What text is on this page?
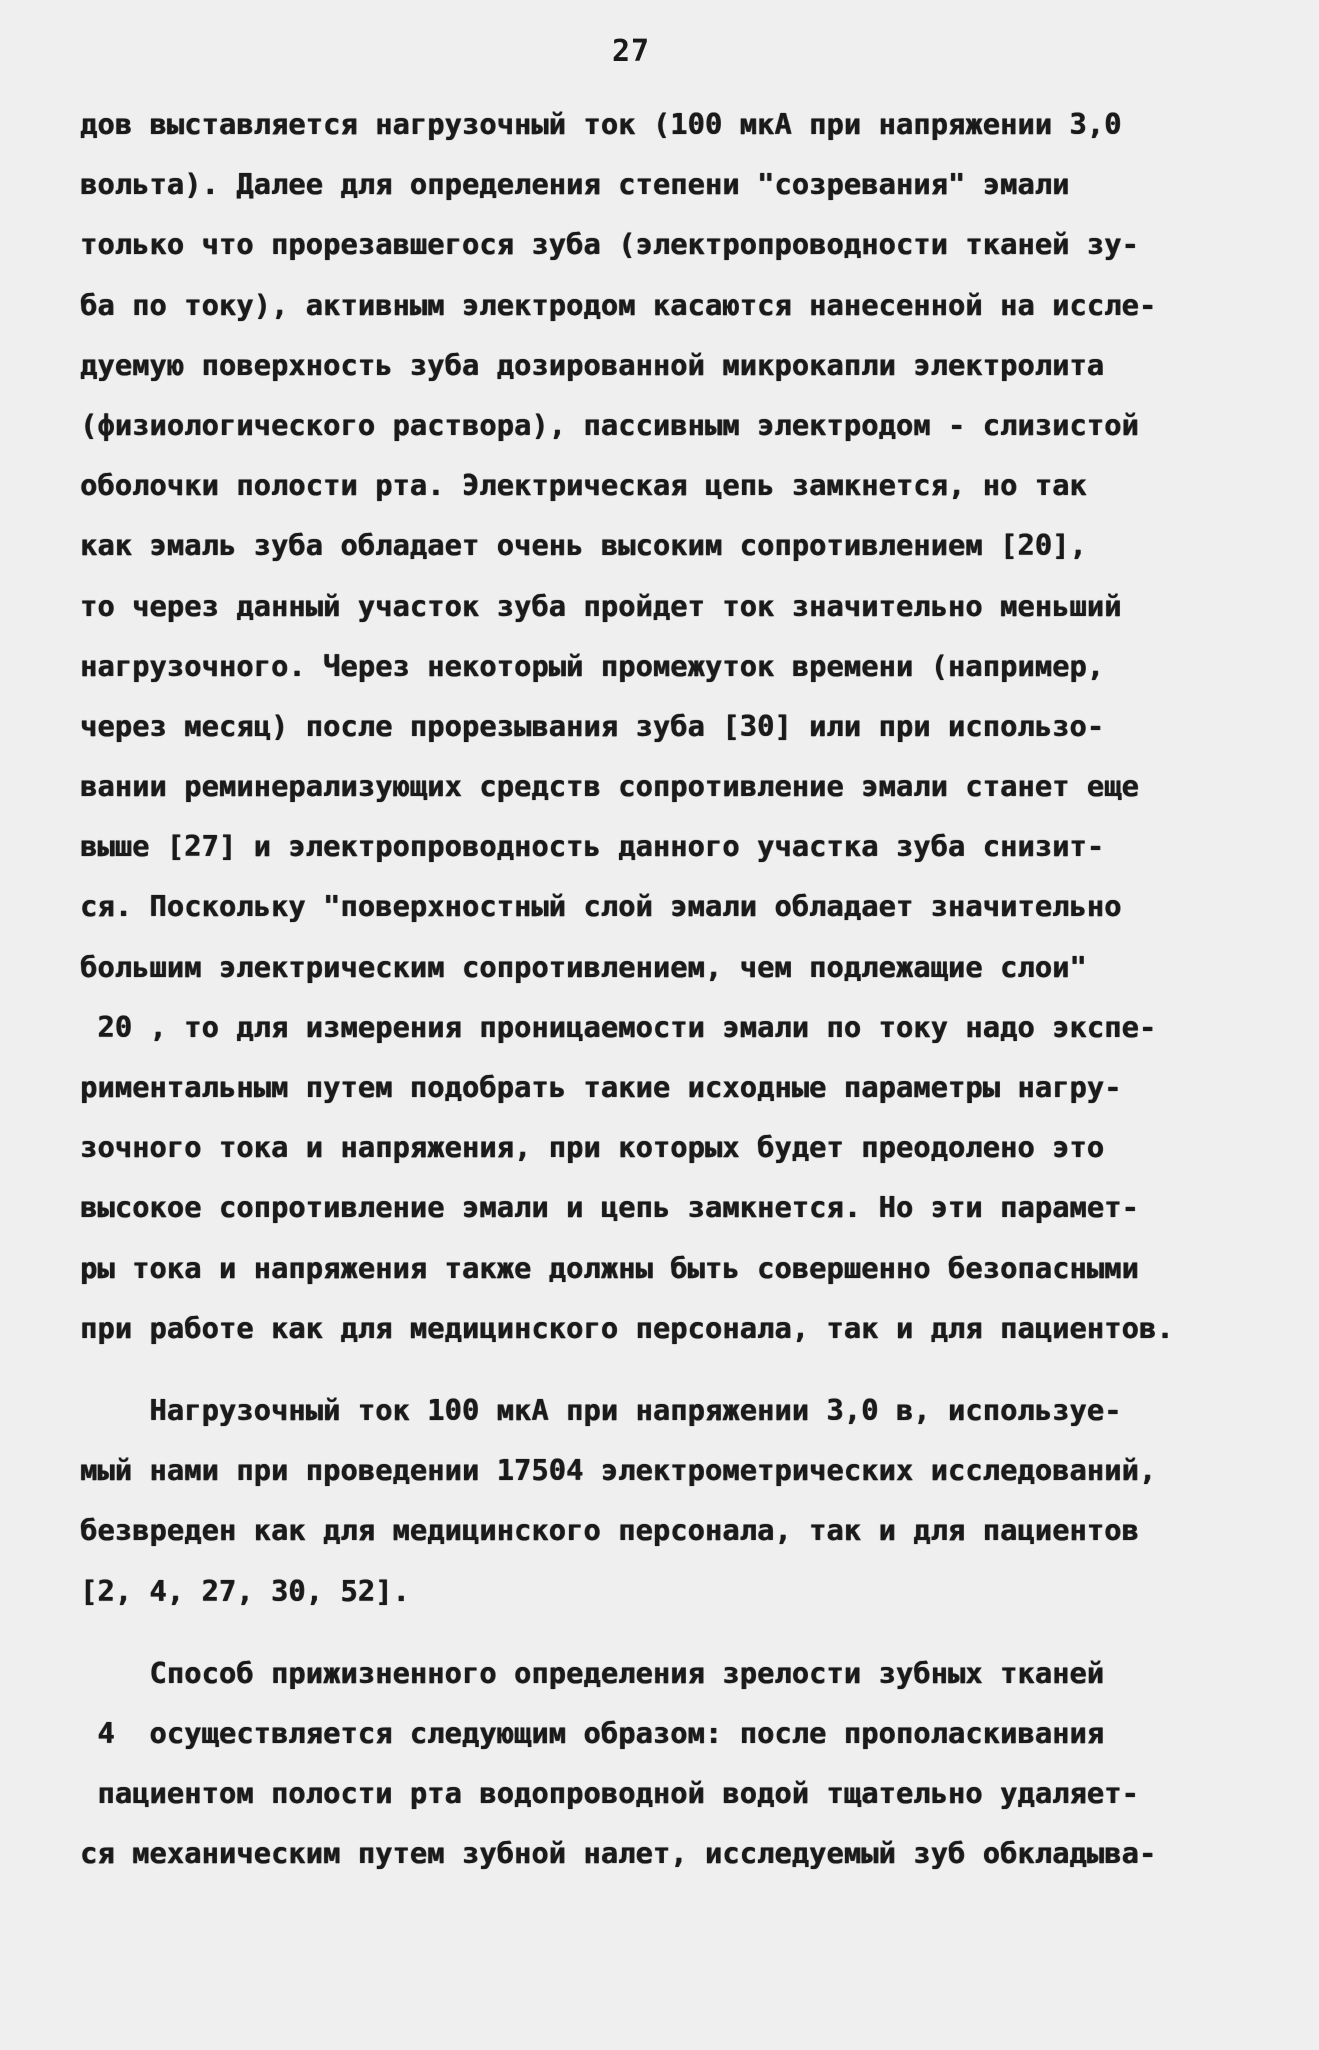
27
дов выставляется нагрузочный ток (100 мкА при напряжении 3,0
вольта). Далее для определения степени "созревания" эмали
только что прорезавшегося зуба (электропроводности тканей зу-
ба по току), активным электродом касаются нанесенной на иссле-
дуемую поверхность зуба дозированной микрокапли электролита
(физиологического раствора), пассивным электродом - слизистой
оболочки полости рта. Электрическая цепь замкнется, но так
как эмаль зуба обладает очень высоким сопротивлением [20],
то через данный участок зуба пройдет ток значительно меньший
нагрузочного. Через некоторый промежуток времени (например,
через месяц) после прорезывания зуба [30] или при использо-
вании реминерализующих средств сопротивление эмали станет еще
выше [27] и электропроводность данного участка зуба снизит-
ся. Поскольку "поверхностный слой эмали обладает значительно
большим электрическим сопротивлением, чем подлежащие слои"
20 , то для измерения проницаемости эмали по току надо экспе-
риментальным путем подобрать такие исходные параметры нагру-
зочного тока и напряжения, при которых будет преодолено это
высокое сопротивление эмали и цепь замкнется. Но эти парамет-
ры тока и напряжения также должны быть совершенно безопасными
при работе как для медицинского персонала, так и для пациентов.
Нагрузочный ток 100 мкА при напряжении 3,0 в, используе-
мый нами при проведении 17504 электрометрических исследований,
безвреден как для медицинского персонала, так и для пациентов
[2, 4, 27, 30, 52].
Способ прижизненного определения зрелости зубных тканей
4  осуществляется следующим образом: после прополаскивания
пациентом полости рта водопроводной водой тщательно удаляет-
ся механическим путем зубной налет, исследуемый зуб обкладыва-
